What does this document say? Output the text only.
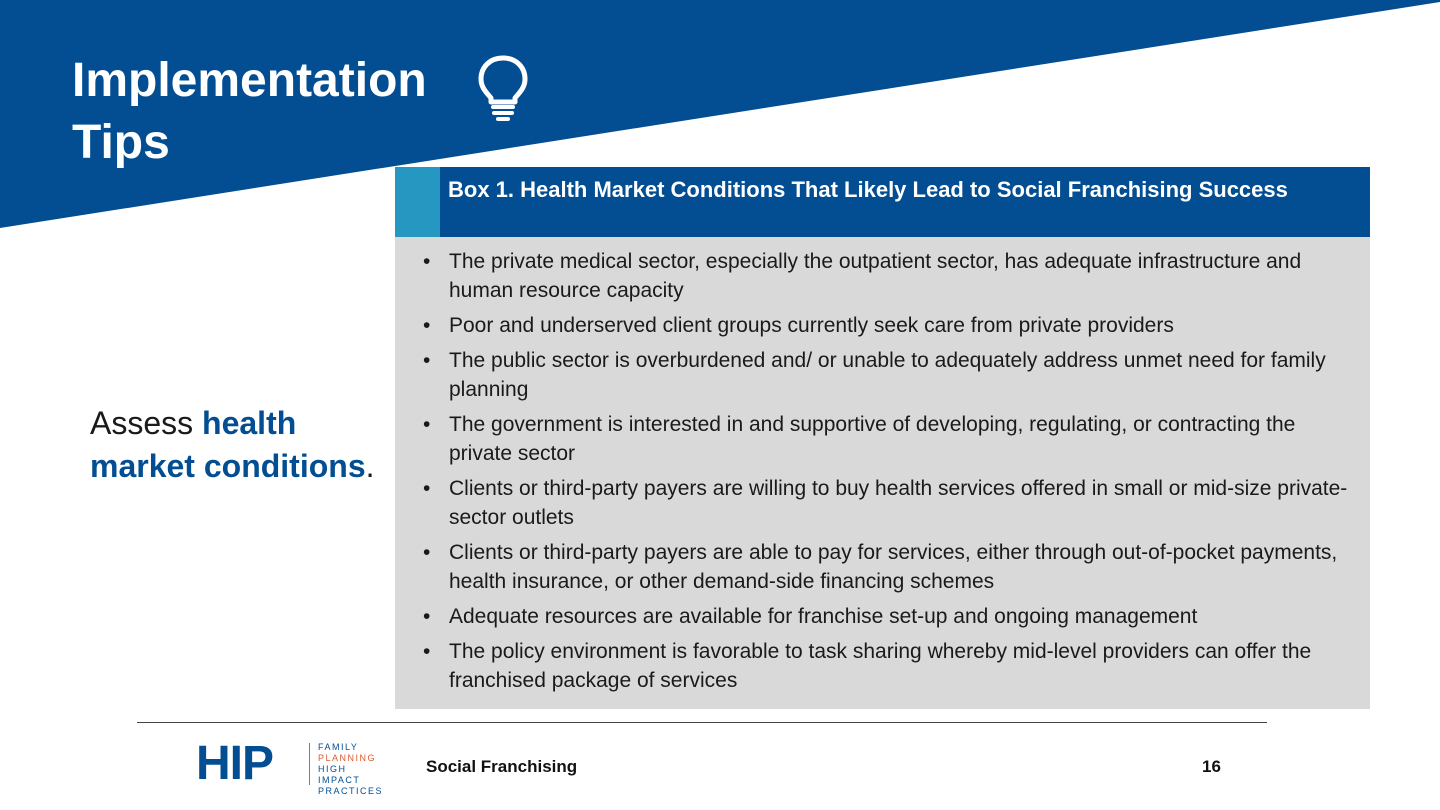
Implementation
Tips
Box 1. Health Market Conditions That Likely Lead to Social Franchising Success
• The private medical sector, especially the outpatient sector, has adequate infrastructure and human resource capacity
• Poor and underserved client groups currently seek care from private providers
• The public sector is overburdened and/ or unable to adequately address unmet need for family planning
• The government is interested in and supportive of developing, regulating, or contracting the private sector
• Clients or third-party payers are willing to buy health services offered in small or mid-size private-sector outlets
• Clients or third-party payers are able to pay for services, either through out-of-pocket payments, health insurance, or other demand-side financing schemes
• Adequate resources are available for franchise set-up and ongoing management
• The policy environment is favorable to task sharing whereby mid-level providers can offer the franchised package of services

Assess health market conditions.

HIP	FAMILY
PLANNING
HIGH IMPACT
PRACTICES
Social Franchising	16
